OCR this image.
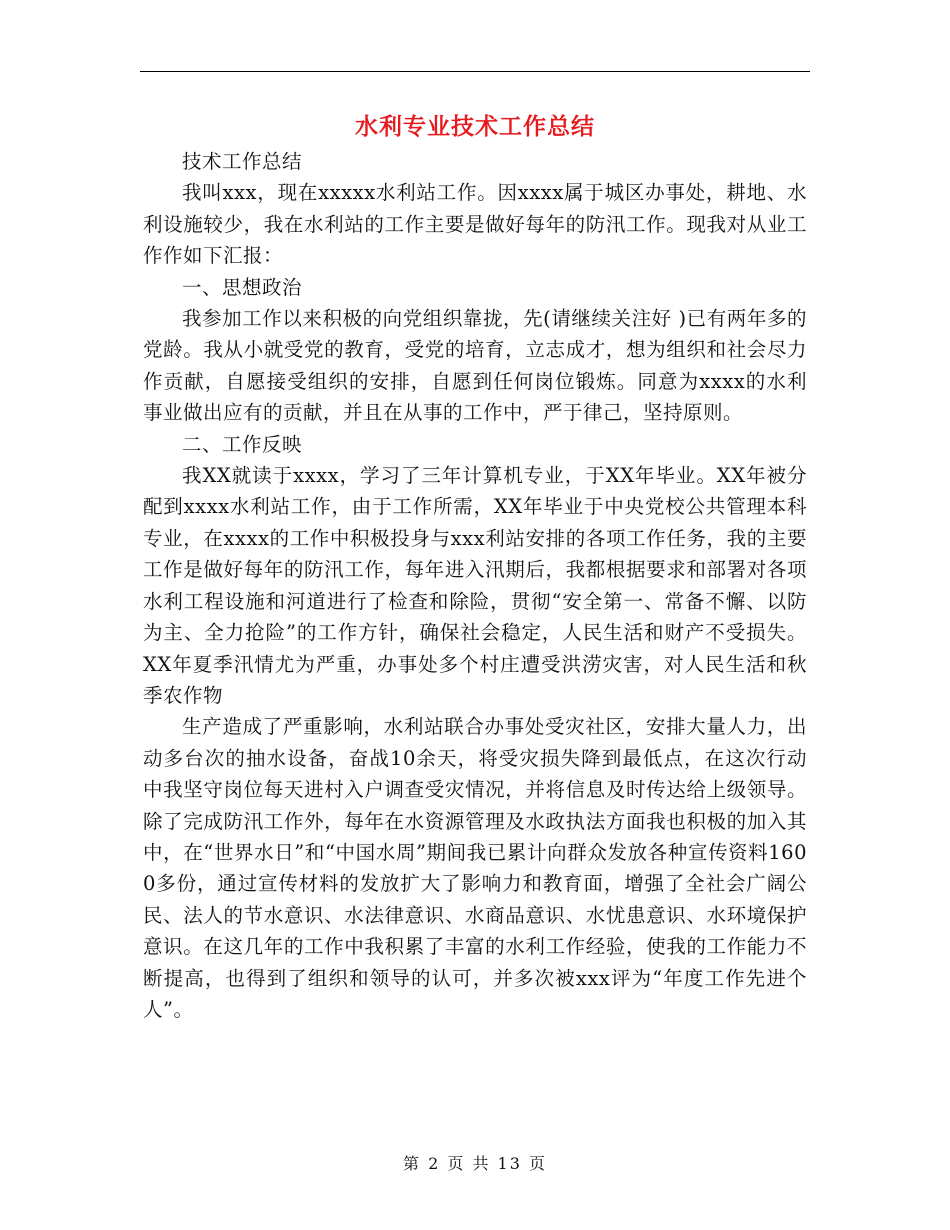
水利专业技术工作总结

技术工作总结

我叫xxx，现在xxxxx水利站工作。因xxxx属于城区办事处，耕地、水利设施较少，我在水利站的工作主要是做好每年的防汛工作。现我对从业工作作如下汇报：

一、思想政治

我参加工作以来积极的向党组织靠拢，先(请继续关注好 )已有两年多的党龄。我从小就受党的教育，受党的培育，立志成才，想为组织和社会尽力作贡献，自愿接受组织的安排，自愿到任何岗位锻炼。同意为xxxx的水利事业做出应有的贡献，并且在从事的工作中，严于律己，坚持原则。

二、工作反映

我XX就读于xxxx，学习了三年计算机专业，于XX年毕业。XX年被分配到xxxx水利站工作，由于工作所需，XX年毕业于中央党校公共管理本科专业，在xxxx的工作中积极投身与xxx利站安排的各项工作任务，我的主要工作是做好每年的防汛工作，每年进入汛期后，我都根据要求和部署对各项水利工程设施和河道进行了检查和除险，贯彻“安全第一、常备不懈、以防为主、全力抢险”的工作方针，确保社会稳定，人民生活和财产不受损失。XX年夏季汛情尤为严重，办事处多个村庄遭受洪涝灾害，对人民生活和秋季农作物

生产造成了严重影响，水利站联合办事处受灾社区，安排大量人力，出动多台次的抽水设备，奋战10余天，将受灾损失降到最低点，在这次行动中我坚守岗位每天进村入户调查受灾情况，并将信息及时传达给上级领导。除了完成防汛工作外，每年在水资源管理及水政执法方面我也积极的加入其中，在“世界水日”和“中国水周”期间我已累计向群众发放各种宣传资料1600多份，通过宣传材料的发放扩大了影响力和教育面，增强了全社会广阔公民、法人的节水意识、水法律意识、水商品意识、水忧患意识、水环境保护意识。在这几年的工作中我积累了丰富的水利工作经验，使我的工作能力不断提高，也得到了组织和领导的认可，并多次被xxx评为“年度工作先进个人”。

第 2 页 共 13 页
